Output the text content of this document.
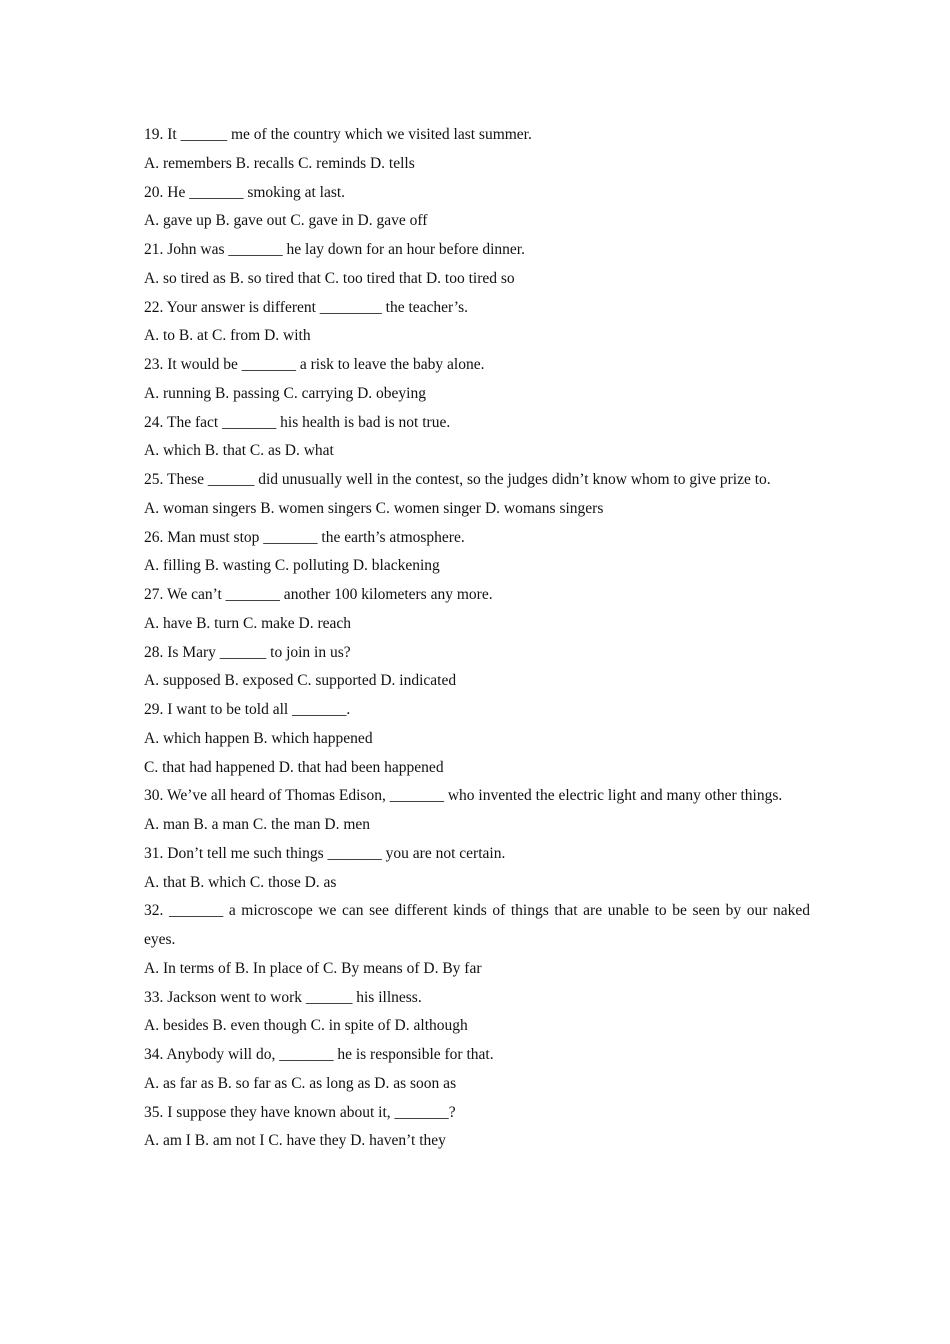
19. It ______ me of the country which we visited last summer.

A. remembers B. recalls C. reminds D. tells

20. He _______ smoking at last.

A. gave up B. gave out C. gave in D. gave off

21. John was _______ he lay down for an hour before dinner.

A. so tired as B. so tired that C. too tired that D. too tired so

22. Your answer is different ________ the teacher’s.

A. to B. at C. from D. with

23. It would be _______ a risk to leave the baby alone.

A. running B. passing C. carrying D. obeying

24. The fact _______ his health is bad is not true.

A. which B. that C. as D. what

25. These ______ did unusually well in the contest, so the judges didn’t know whom to give prize to.

A. woman singers B. women singers C. women singer D. womans singers

26. Man must stop _______ the earth’s atmosphere.

A. filling B. wasting C. polluting D. blackening

27. We can’t _______ another 100 kilometers any more.

A. have B. turn C. make D. reach

28. Is Mary ______ to join in us?

A. supposed B. exposed C. supported D. indicated

29. I want to be told all _______.

A. which happen B. which happened

C. that had happened D. that had been happened

30. We’ve all heard of Thomas Edison, _______ who invented the electric light and many other things.

A. man B. a man C. the man D. men

31. Don’t tell me such things _______ you are not certain.

A. that B. which C. those D. as

32. _______ a microscope we can see different kinds of things that are unable to be seen by our naked eyes.

A. In terms of B. In place of C. By means of D. By far

33. Jackson went to work ______ his illness.

A. besides B. even though C. in spite of D. although

34. Anybody will do, _______ he is responsible for that.

A. as far as B. so far as C. as long as D. as soon as

35. I suppose they have known about it, _______?

A. am I B. am not I C. have they D. haven’t they
